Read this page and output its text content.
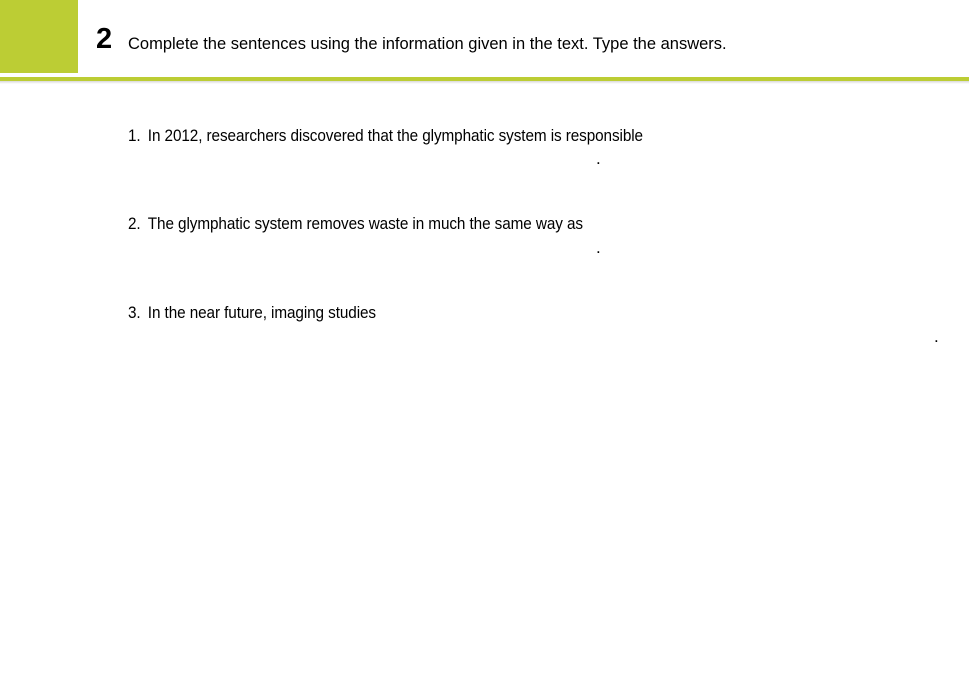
2 Complete the sentences using the information given in the text. Type the answers.
1. In 2012, researchers discovered that the glymphatic system is responsible
.
2. The glymphatic system removes waste in much the same way as
.
3. In the near future, imaging studies
.
